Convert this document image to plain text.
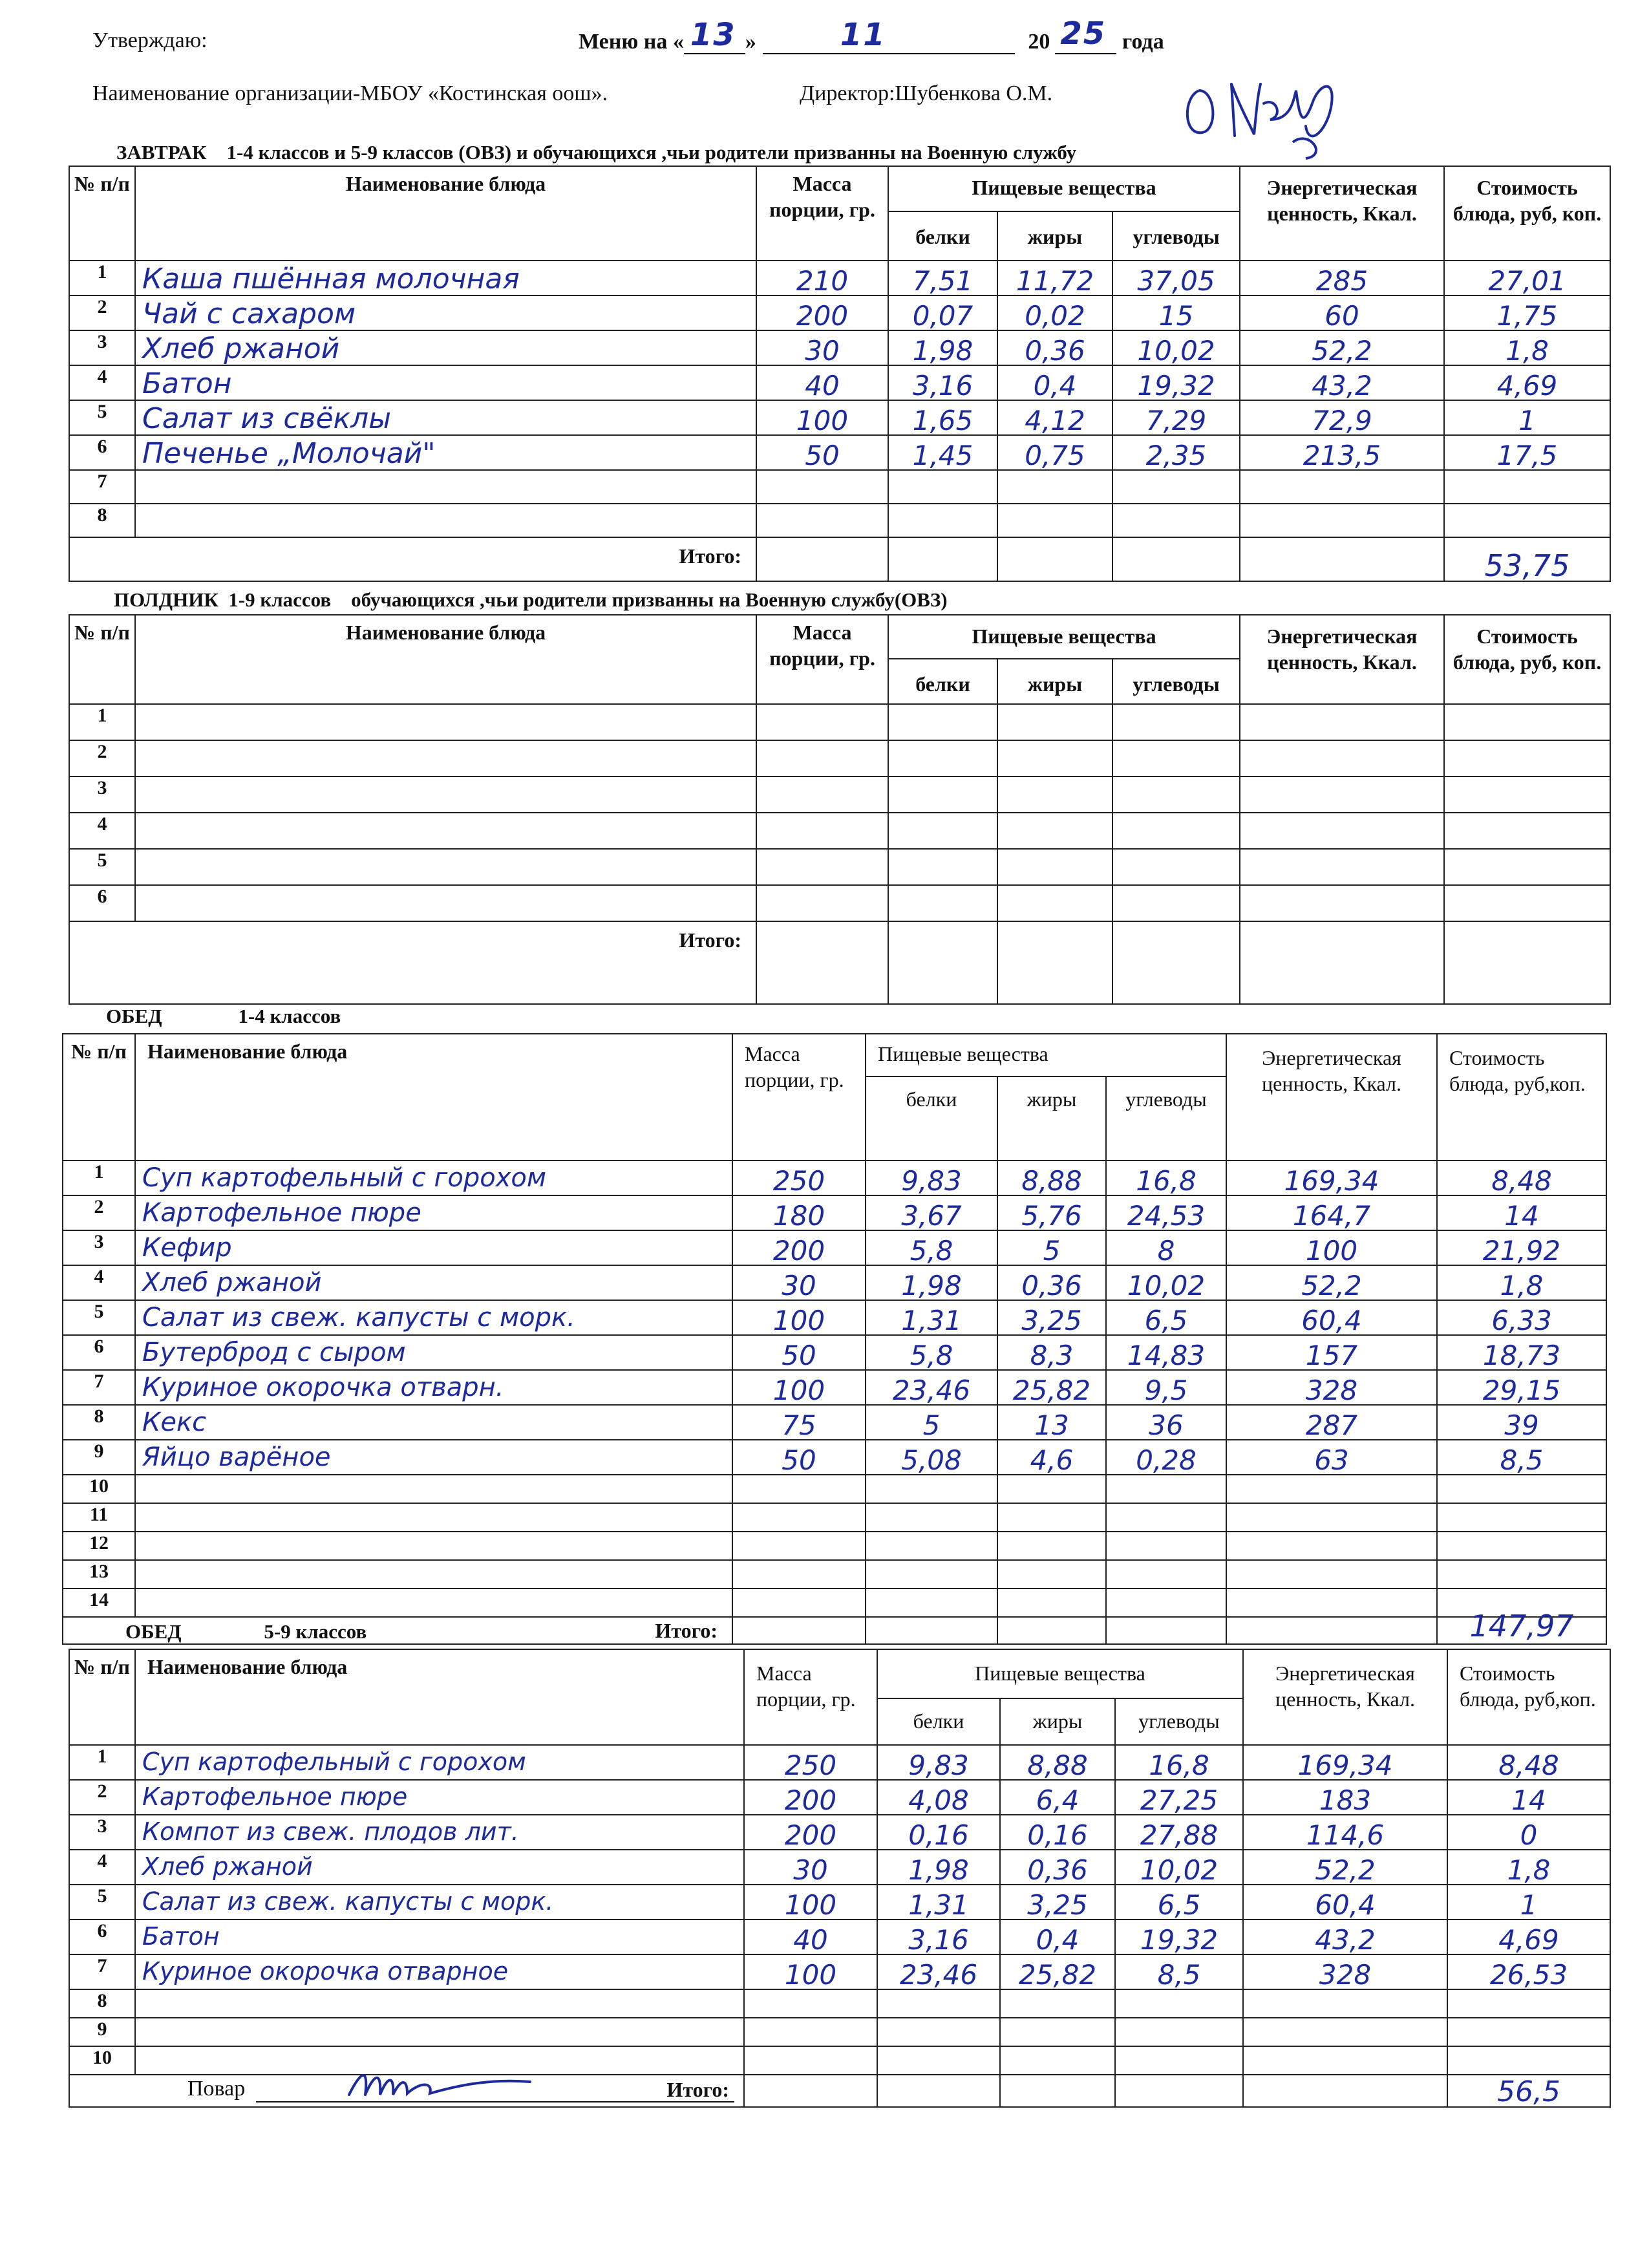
Утверждаю:	Меню на « 13 »	11	20 25 года
Наименование организации-МБОУ «Костинская оош».	Директор:Шубенкова О.М.
ЗАВТРАК    1-4 классов и 5-9 классов (ОВЗ) и обучающихся ,чьи родители призванны на Военную службу
№ п/п	Наименование блюда	Масса порции, гр.	Пищевые вещества			Энергетическая ценность, Ккал.	Стоимость блюда, руб, коп.
			белки	жиры	углеводы		

1	Каша пшённая молочная	210	7,51	11,72	37,05	285	27,01

2	Чай с сахаром	200	0,07	0,02	15	60	1,75

3	Хлеб ржаной	30	1,98	0,36	10,02	52,2	1,8

4	Батон	40	3,16	0,4	19,32	43,2	4,69

5	Салат из свёклы	100	1,65	4,12	7,29	72,9	1

6	Печенье „Молочай"	50	1,45	0,75	2,35	213,5	17,5

7							

8							

Итого:							53,75
ПОЛДНИК  1-9 классов    обучающихся ,чьи родители призванны на Военную службу(ОВЗ)
№ п/п	Наименование блюда	Масса порции, гр.	Пищевые вещества			Энергетическая ценность, Ккал.	Стоимость блюда, руб, коп.
			белки	жиры	углеводы		

1							

2							

3							

4							

5							

6							

Итого:							
ОБЕД	1-4 классов
№ п/п	Наименование блюда	Масса порции, гр.	Пищевые вещества			Энергетическая ценность, Ккал.	Стоимость блюда, руб,коп.
			белки	жиры	углеводы		

1	Суп картофельный с горохом	250	9,83	8,88	16,8	169,34	8,48

2	Картофельное пюре	180	3,67	5,76	24,53	164,7	14

3	Кефир	200	5,8	5	8	100	21,92

4	Хлеб ржаной	30	1,98	0,36	10,02	52,2	1,8

5	Салат из свеж. капусты с морк.	100	1,31	3,25	6,5	60,4	6,33

6	Бутерброд с сыром	50	5,8	8,3	14,83	157	18,73

7	Куриное окорочка отварн.	100	23,46	25,82	9,5	328	29,15

8	Кекс	75	5	13	36	287	39

9	Яйцо варёное	50	5,08	4,6	0,28	63	8,5

10							

11							

12							

13							

14							

Итого:							147,97
ОБЕД	5-9 классов
№ п/п	Наименование блюда	Масса порции, гр.	Пищевые вещества			Энергетическая ценность, Ккал.	Стоимость блюда, руб,коп.
			белки	жиры	углеводы		

1	Суп картофельный с горохом	250	9,83	8,88	16,8	169,34	8,48

2	Картофельное пюре	200	4,08	6,4	27,25	183	14

3	Компот из свеж. плодов лит.	200	0,16	0,16	27,88	114,6	0

4	Хлеб ржаной	30	1,98	0,36	10,02	52,2	1,8

5	Салат из свеж. капусты с морк.	100	1,31	3,25	6,5	60,4	1

6	Батон	40	3,16	0,4	19,32	43,2	4,69

7	Куриное окорочка отварное	100	23,46	25,82	8,5	328	26,53

8							

9							

10							

Итого:							56,5
Повар
